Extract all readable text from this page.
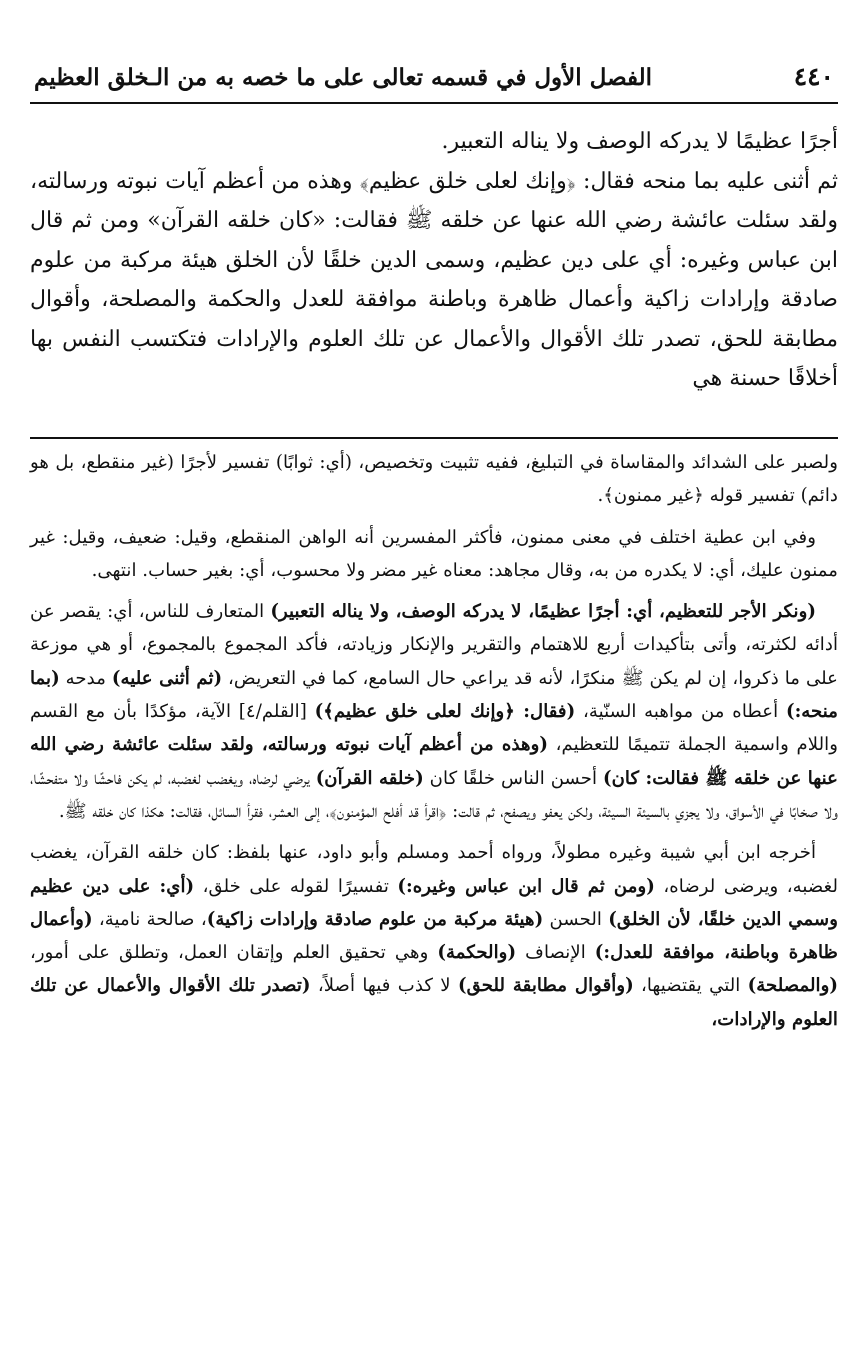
٤٤٠
الفصل الأول في قسمه تعالى على ما خصه به من الـخلق العظيم

أجرًا عظيمًا لا يدركه الوصف ولا يناله التعبير.

ثم أثنى عليه بما منحه فقال: ﴿وإنك لعلى خلق عظيم﴾ وهذه من أعظم آيات نبوته ورسالته، ولقد سئلت عائشة رضي الله عنها عن خلقه ﷺ فقالت: «كان خلقه القرآن» ومن ثم قال ابن عباس وغيره: أي على دين عظيم، وسمى الدين خلقًا لأن الخلق هيئة مركبة من علوم صادقة وإرادات زاكية وأعمال ظاهرة وباطنة موافقة للعدل والحكمة والمصلحة، وأقوال مطابقة للحق، تصدر تلك الأقوال والأعمال عن تلك العلوم والإرادات فتكتسب النفس بها أخلاقًا حسنة هي

ولصبر على الشدائد والمقاساة في التبليغ، ففيه تثبيت وتخصيص، (أي: ثوابًا) تفسير لأجرًا (غير منقطع، بل هو دائم) تفسير قوله ﴿غير ممنون﴾.

وفي ابن عطية اختلف في معنى ممنون، فأكثر المفسرين أنه الواهن المنقطع، وقيل: ضعيف، وقيل: غير ممنون عليك، أي: لا يكدره من به، وقال مجاهد: معناه غير مضر ولا محسوب، أي: بغير حساب. انتهى.

(ونكر الأجر للتعظيم، أي: أجرًا عظيمًا، لا يدركه الوصف، ولا يناله التعبير) المتعارف للناس، أي: يقصر عن أدائه لكثرته، وأتى بتأكيدات أربع للاهتمام والتقرير والإنكار وزيادته، فأكد المجموع بالمجموع، أو هي موزعة على ما ذكروا، إن لم يكن ﷺ منكرًا، لأنه قد يراعي حال السامع، كما في التعريض، (ثم أثنى عليه) مدحه (بما منحه:) أعطاه من مواهبه السنّية، (فقال: ﴿وإنك لعلى خلق عظيم﴾) [القلم/٤] الآية، مؤكدًا بأن مع القسم واللام واسمية الجملة تتميمًا للتعظيم، (وهذه من أعظم آيات نبوته ورسالته، ولقد سئلت عائشة رضي الله عنها عن خلقه ﷺ فقالت: كان) أحسن الناس خلقًا كان (خلقه القرآن) يرضي لرضاه، ويغضب لغضبه، لم يكن فاحشًا ولا متفحشًا، ولا صخابًا في الأسواق، ولا يجزي بالسيئة السيئة، ولكن يعفو ويصفح، ثم قالت: ﴿اقرأ قد أفلح المؤمنون﴾، إلى العشر، فقرأ السائل، فقالت: هكذا كان خلقه ﷺ.

أخرجه ابن أبي شيبة وغيره مطولاً، ورواه أحمد ومسلم وأبو داود، عنها بلفظ: كان خلقه القرآن، يغضب لغضبه، ويرضى لرضاه، (ومن ثم قال ابن عباس وغيره:) تفسيرًا لقوله على خلق، (أي: على دين عظيم وسمي الدين خلقًا، لأن الخلق) الحسن (هيئة مركبة من علوم صادقة وإرادات زاكية)، صالحة نامية، (وأعمال ظاهرة وباطنة، موافقة للعدل:) الإنصاف (والحكمة) وهي تحقيق العلم وإتقان العمل، وتطلق على أمور، (والمصلحة) التي يقتضيها، (وأقوال مطابقة للحق) لا كذب فيها أصلاً، (تصدر تلك الأقوال والأعمال عن تلك العلوم والإرادات،
